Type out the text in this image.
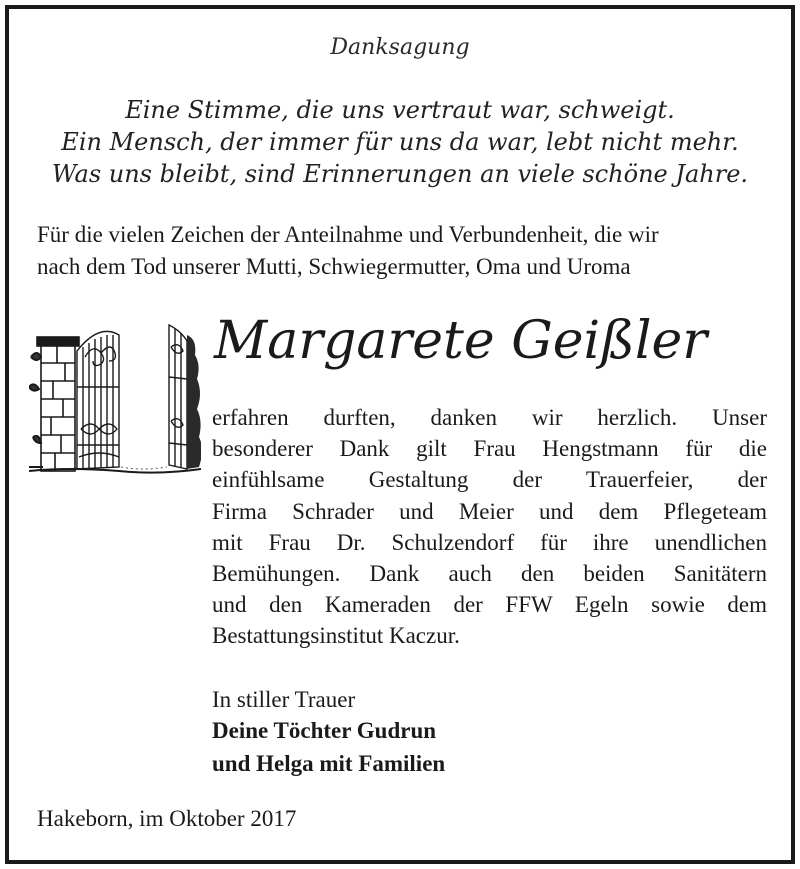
Danksagung
Eine Stimme, die uns vertraut war, schweigt.
Ein Mensch, der immer für uns da war, lebt nicht mehr.
Was uns bleibt, sind Erinnerungen an viele schöne Jahre.
Für die vielen Zeichen der Anteilnahme und Verbundenheit, die wir
nach dem Tod unserer Mutti, Schwiegermutter, Oma und Uroma
Margarete Geißler
erfahren durften, danken wir herzlich. Unser
besonderer Dank gilt Frau Hengstmann für die
einfühlsame Gestaltung der Trauerfeier, der
Firma Schrader und Meier und dem Pflegeteam
mit Frau Dr. Schulzendorf für ihre unendlichen
Bemühungen. Dank auch den beiden Sanitätern
und den Kameraden der FFW Egeln sowie dem
Bestattungsinstitut Kaczur.
In stiller Trauer
Deine Töchter Gudrun
und Helga mit Familien
Hakeborn, im Oktober 2017
